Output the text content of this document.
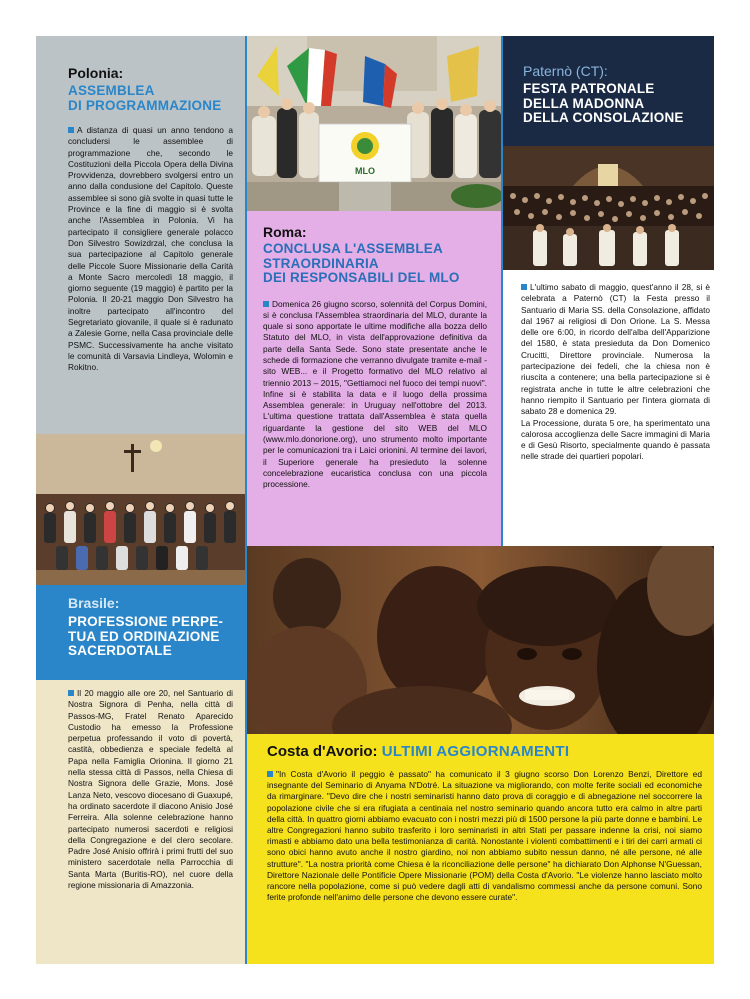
Polonia:
ASSEMBLEA
DI PROGRAMMAZIONE

A distanza di quasi un anno tendono a concludersi le assemblee di programmazione che, secondo le Costituzioni della Piccola Opera della Divina Provvidenza, dovrebbero svolgersi entro un anno dalla condusione del Capitolo. Queste assemblee si sono già svolte in quasi tutte le Province e la fine di maggio si è svolta anche l'Assemblea in Polonia. Vi ha partecipato il consigliere generale polacco Don Silvestro Sowizdrzal, che conclusa la sua partecipazione al Capitolo generale delle Piccole Suore Missionarie della Carità a Monte Sacro mercoledì 18 maggio, il giorno seguente (19 maggio) è partito per la Polonia. Il 20-21 maggio Don Silvestro ha inoltre partecipato all'incontro del Segretariato giovanile, il quale si è radunato a Zalesie Gorne, nella Casa provinciale delle PSMC. Successivamente ha anche visitato le comunità di Varsavia Lindleya, Wolomin e Rokitno.

Brasile:
PROFESSIONE PERPE-
TUA ED ORDINAZIONE
SACERDOTALE

Il 20 maggio alle ore 20, nel Santuario di Nostra Signora di Penha, nella città di Passos-MG, Fratel Renato Aparecido Custodio ha emesso la Professione perpetua professando il voto di povertà, castità, obbedienza e speciale fedeltà al Papa nella Famiglia Orionina. Il giorno 21 nella stessa città di Passos, nella Chiesa di Nostra Signora delle Grazie, Mons. José Lanza Neto, vescovo diocesano di Guaxupé, ha ordinato sacerdote il diacono Anisio José Ferreira. Alla solenne celebrazione hanno partecipato numerosi sacerdoti e religiosi della Congregazione e del clero secolare. Padre José Anisio offrirà i primi frutti del suo ministero sacerdotale nella Parrocchia di Santa Marta (Buritis-RO), nel cuore della regione missionaria di Amazzonia.

MLO
Roma:
CONCLUSA L'ASSEMBLEA
STRAORDINARIA
DEI RESPONSABILI DEL MLO

Domenica 26 giugno scorso, solennità del Corpus Domini, si è conclusa l'Assemblea straordinaria del MLO, durante la quale si sono apportate le ultime modifiche alla bozza dello Statuto del MLO, in vista dell'approvazione definitiva da parte della Santa Sede. Sono state presentate anche le schede di formazione che verranno divulgate tramite e-mail - sito WEB... e il Progetto formativo del MLO relativo al triennio 2013 – 2015, "Gettiamoci nel fuoco dei tempi nuovi". Infine si è stabilita la data e il luogo della prossima Assemblea generale: in Uruguay nell'ottobre del 2013. L'ultima questione trattata dall'Assemblea è stata quella riguardante la gestione del sito WEB del MLO (www.mlo.donorione.org), uno strumento molto importante per le comunicazioni tra i Laici orionini. Al termine dei lavori, il Superiore generale ha presieduto la solenne concelebrazione eucaristica conclusa con una piccola processione.

Paternò (CT):
FESTA PATRONALE
DELLA MADONNA
DELLA CONSOLAZIONE

L'ultimo sabato di maggio, quest'anno il 28, si è celebrata a Paternò (CT) la Festa presso il Santuario di Maria SS. della Consolazione, affidato dal 1967 ai religiosi di Don Orione. La S. Messa delle ore 6:00, in ricordo dell'alba dell'Apparizione del 1580, è stata presieduta da Don Domenico Crucitti, Direttore provinciale. Numerosa la partecipazione dei fedeli, che la chiesa non è riuscita a contenere; una bella partecipazione si è registrata anche in tutte le altre celebrazioni che hanno riempito il Santuario per l'intera giornata di sabato 28 e domenica 29.

La Processione, durata 5 ore, ha sperimentato una calorosa accoglienza delle Sacre immagini di Maria e di Gesù Risorto, specialmente quando è passata nelle strade dei quartieri popolari.

Costa d'Avorio: ULTIMI AGGIORNAMENTI

"In Costa d'Avorio il peggio è passato" ha comunicato il 3 giugno scorso Don Lorenzo Benzi, Direttore ed insegnante del Seminario di Anyama N'Dotré. La situazione va migliorando, con molte ferite sociali ed economiche da rimarginare. "Devo dire che i nostri seminaristi hanno dato prova di coraggio e di abnegazione nel soccorrere la popolazione civile che si era rifugiata a centinaia nel nostro seminario quando ancora tutto era calmo in altre parti della città. In quattro giorni abbiamo evacuato con i nostri mezzi più di 1500 persone la più parte donne e bambini. Le altre Congregazioni hanno subito trasferito i loro seminaristi in altri Stati per passare indenne la crisi, noi siamo rimasti e abbiamo dato una bella testimonianza di carità. Nonostante i violenti combattimenti e i tiri dei carri armati ci sono obici hanno avuto anche il nostro giardino, noi non abbiamo subito nessun danno, né alle persone, né alle strutture". "La nostra priorità come Chiesa è la riconciliazione delle persone" ha dichiarato Don Alphonse N'Guessan, Direttore Nazionale delle Pontificie Opere Missionarie (POM) della Costa d'Avorio. "Le violenze hanno lasciato molto rancore nella popolazione, come si può vedere dagli atti di vandalismo commessi anche da persone comuni. Sono ferite profonde nell'animo delle persone che devono essere curate".
